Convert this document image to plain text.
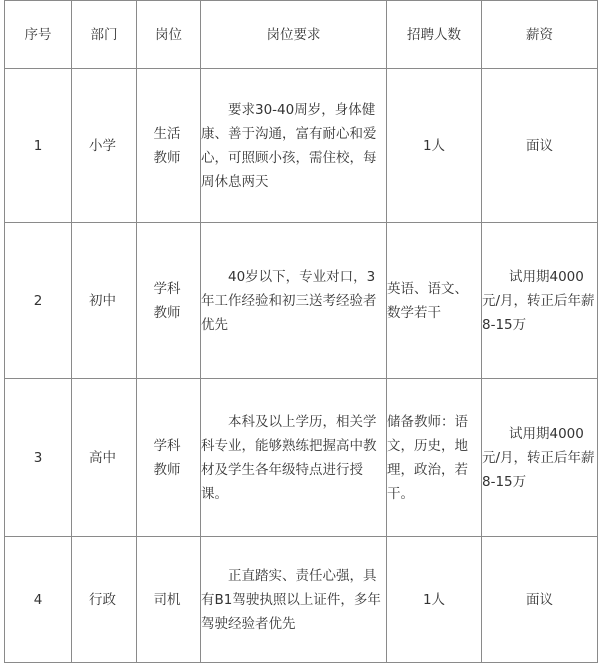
序号	部门	岗位	岗位要求	招聘人数	薪资
1	小学	生活教师	要求30-40周岁，身体健康、善于沟通，富有耐心和爱心，可照顾小孩，需住校，每周休息两天	1人	面议
2	初中	学科教师	40岁以下，专业对口，3年工作经验和初三送考经验者优先	英语、语文、数学若干	试用期4000元/月，转正后年薪8-15万

3	高中	学科教师	本科及以上学历，相关学科专业，能够熟练把握高中教材及学生各年级特点进行授课。	储备教师：语文，历史，地理，政治，若干。	试用期4000元/月，转正后年薪8-15万

4	行政	司机	正直踏实、责任心强，具有B1驾驶执照以上证件，多年驾驶经验者优先	1人	面议
